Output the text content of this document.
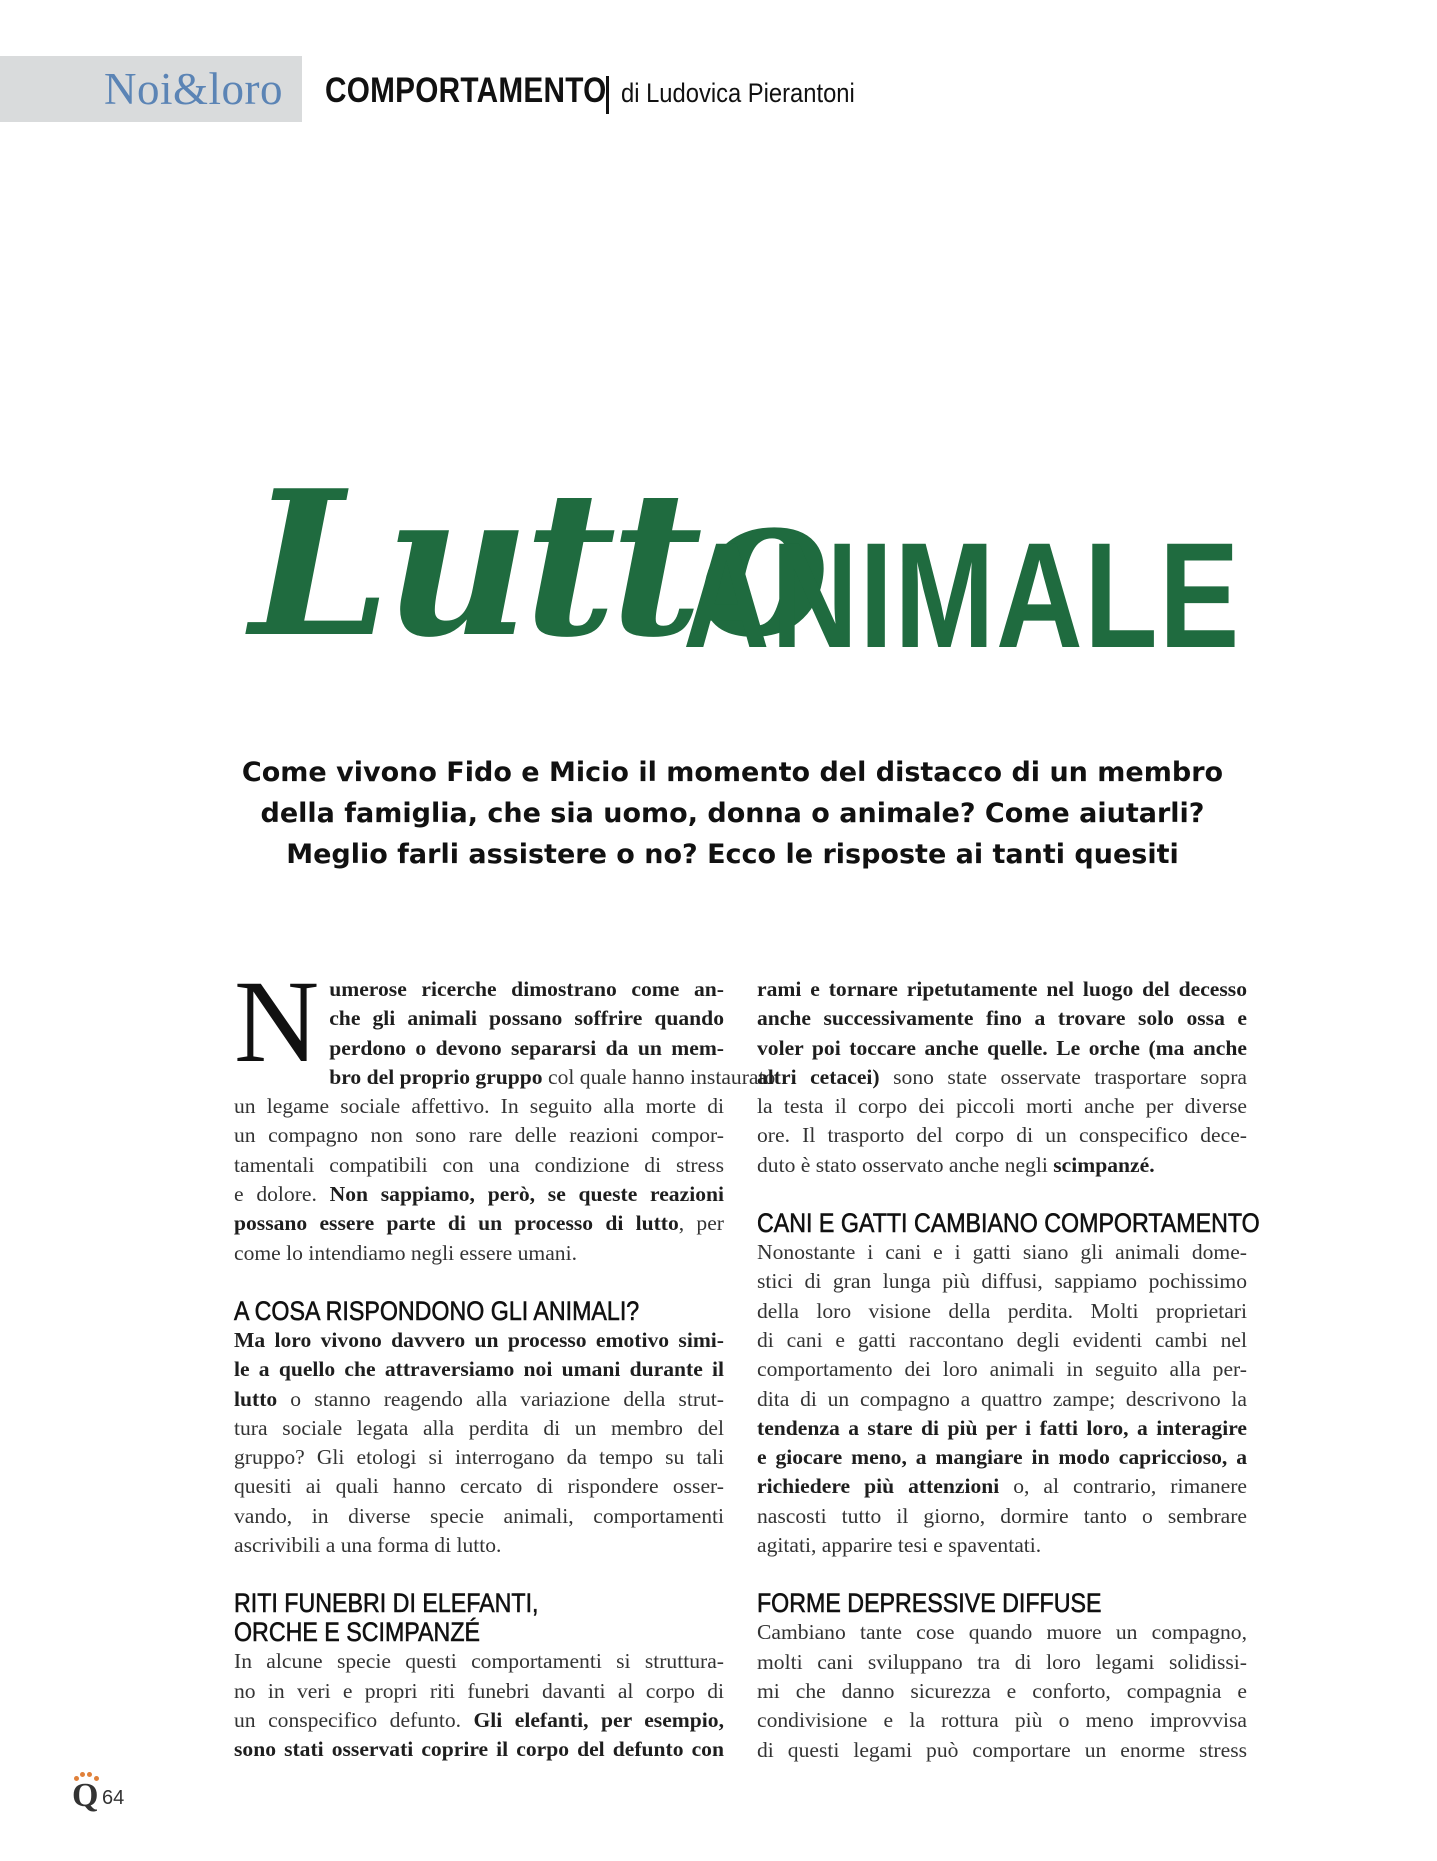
Noi&loro COMPORTAMENTO di Ludovica Pierantoni
Lutto
ANIMALE
Come vivono Fido e Micio il momento del distacco di un membro
della famiglia, che sia uomo, donna o animale? Come aiutarli?
Meglio farli assistere o no? Ecco le risposte ai tanti quesiti
N umerose ricerche dimostrano come an-
che gli animali possano soffrire quando
perdono o devono separarsi da un mem-
bro del proprio gruppo col quale hanno instaurato
un legame sociale affettivo. In seguito alla morte di
un compagno non sono rare delle reazioni compor-
tamentali compatibili con una condizione di stress
e dolore. Non sappiamo, però, se queste reazioni
possano essere parte di un processo di lutto, per
come lo intendiamo negli essere umani.
A COSA RISPONDONO GLI ANIMALI?
Ma loro vivono davvero un processo emotivo simi-
le a quello che attraversiamo noi umani durante il
lutto o stanno reagendo alla variazione della strut-
tura sociale legata alla perdita di un membro del
gruppo? Gli etologi si interrogano da tempo su tali
quesiti ai quali hanno cercato di rispondere osser-
vando, in diverse specie animali, comportamenti
ascrivibili a una forma di lutto.
RITI FUNEBRI DI ELEFANTI,
ORCHE E SCIMPANZÉ
In alcune specie questi comportamenti si struttura-
no in veri e propri riti funebri davanti al corpo di
un conspecifico defunto. Gli elefanti, per esempio,
sono stati osservati coprire il corpo del defunto con
rami e tornare ripetutamente nel luogo del decesso
anche successivamente fino a trovare solo ossa e
voler poi toccare anche quelle. Le orche (ma anche
altri cetacei) sono state osservate trasportare sopra
la testa il corpo dei piccoli morti anche per diverse
ore. Il trasporto del corpo di un conspecifico dece-
duto è stato osservato anche negli scimpanzé.
CANI E GATTI CAMBIANO COMPORTAMENTO
Nonostante i cani e i gatti siano gli animali dome-
stici di gran lunga più diffusi, sappiamo pochissimo
della loro visione della perdita. Molti proprietari
di cani e gatti raccontano degli evidenti cambi nel
comportamento dei loro animali in seguito alla per-
dita di un compagno a quattro zampe; descrivono la
tendenza a stare di più per i fatti loro, a interagire
e giocare meno, a mangiare in modo capriccioso, a
richiedere più attenzioni o, al contrario, rimanere
nascosti tutto il giorno, dormire tanto o sembrare
agitati, apparire tesi e spaventati.
FORME DEPRESSIVE DIFFUSE
Cambiano tante cose quando muore un compagno,
molti cani sviluppano tra di loro legami solidissi-
mi che danno sicurezza e conforto, compagnia e
condivisione e la rottura più o meno improvvisa
di questi legami può comportare un enorme stress
Q 64
